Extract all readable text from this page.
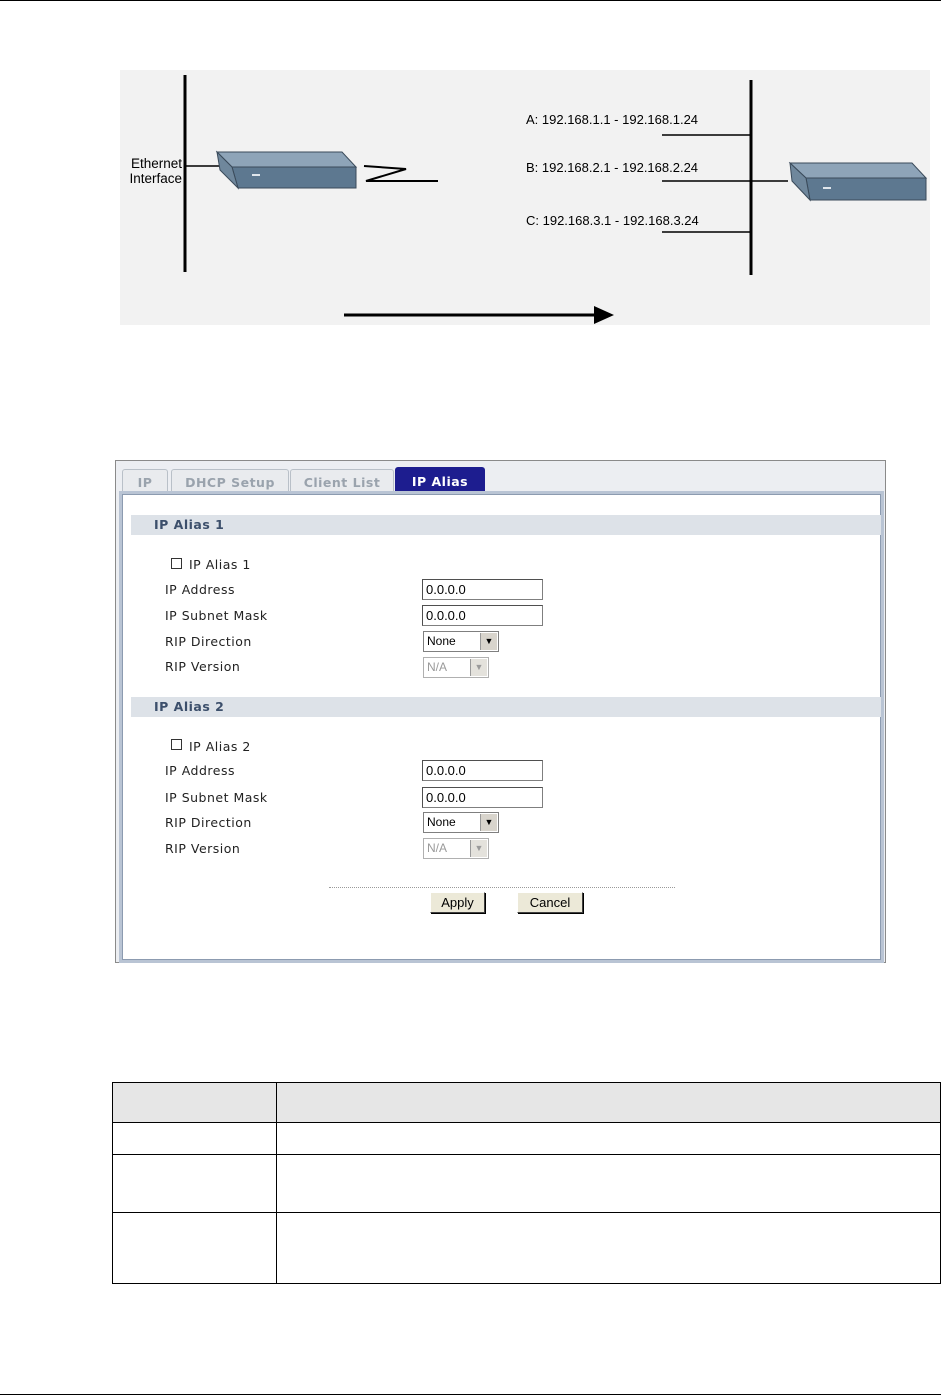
Ethernet
Interface
A: 192.168.1.1 - 192.168.1.24
B: 192.168.2.1 - 192.168.2.24
C: 192.168.3.1 - 192.168.3.24
IP	DHCP Setup	Client List	IP Alias
IP Alias 1
IP Alias 1
IP Address	0.0.0.0
IP Subnet Mask	0.0.0.0
RIP Direction	None	▼
RIP Version	N/A	▼
IP Alias 2
IP Alias 2
IP Address	0.0.0.0
IP Subnet Mask	0.0.0.0
RIP Direction	None	▼
RIP Version	N/A	▼
Apply	Cancel
